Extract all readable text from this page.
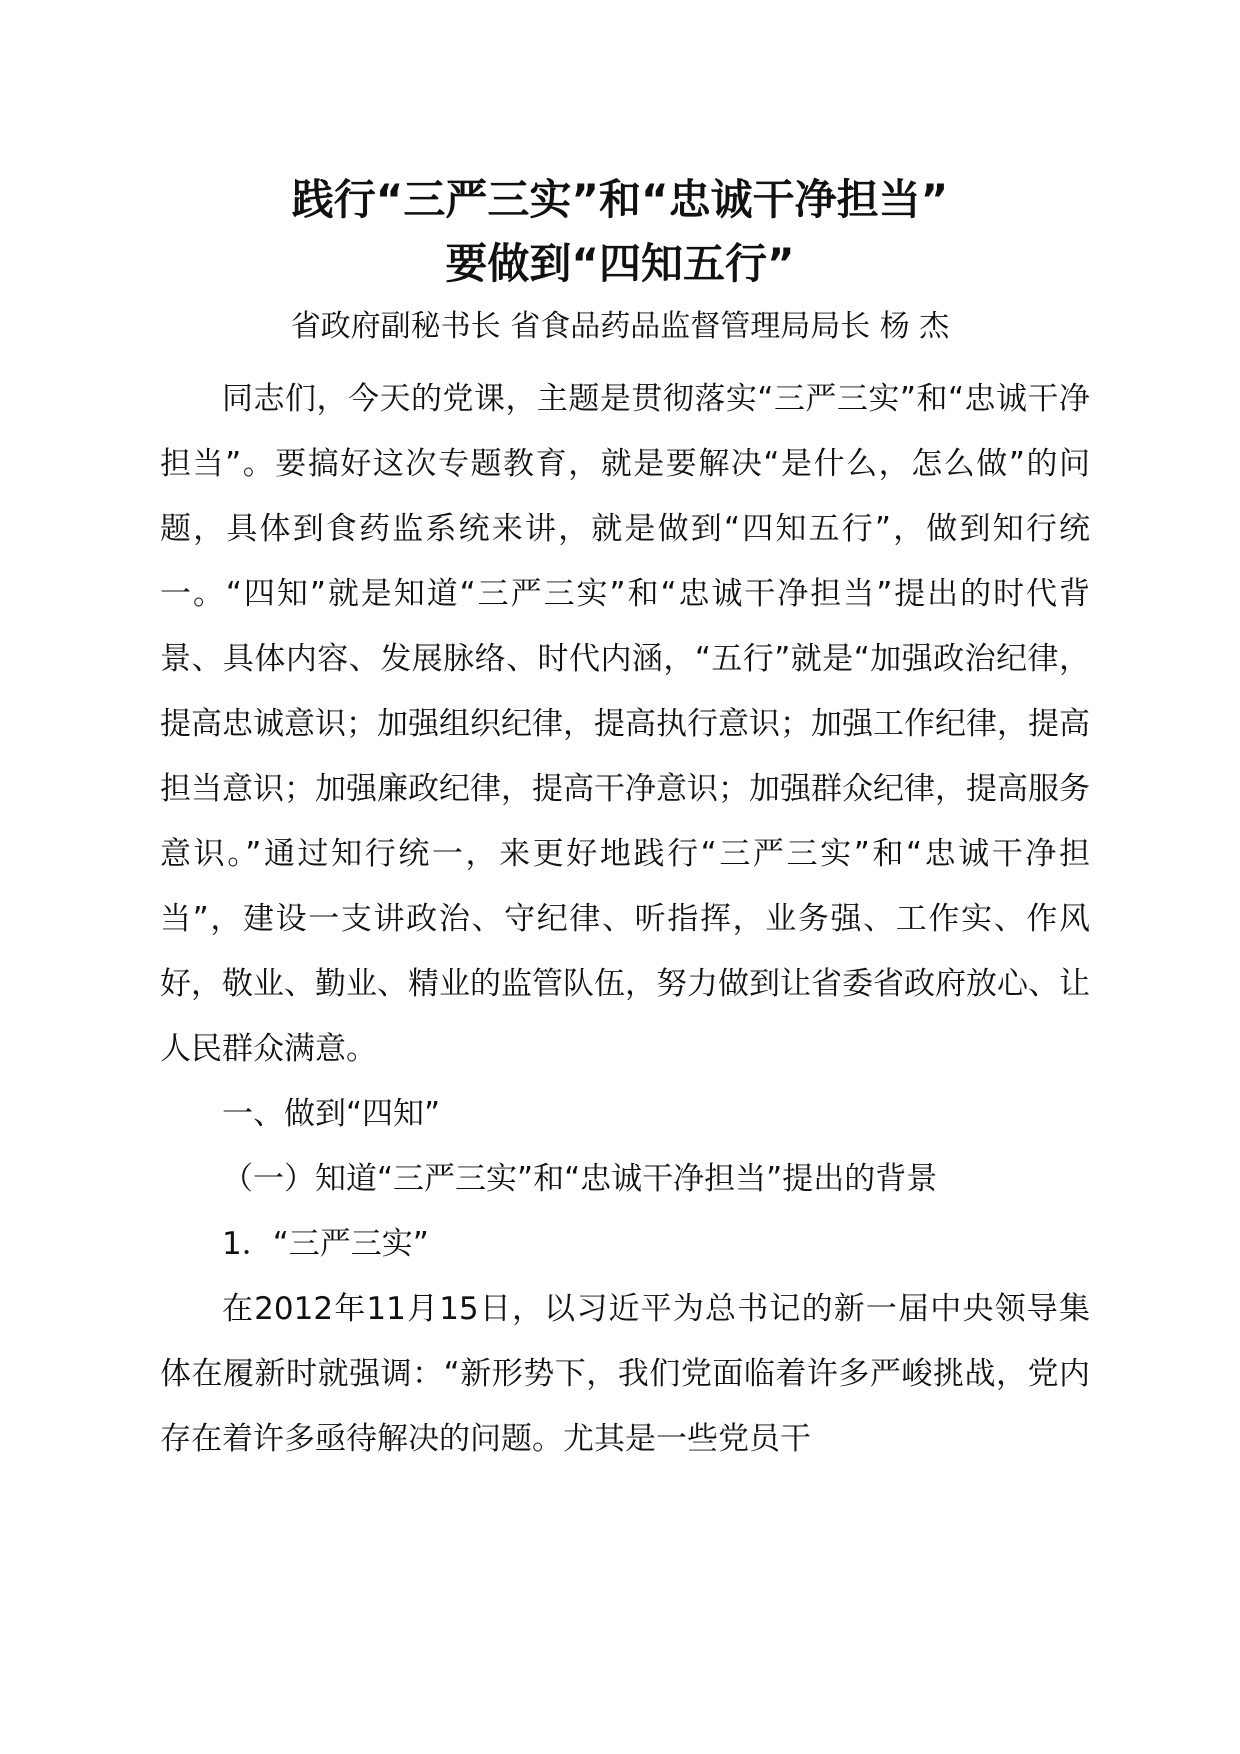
践行“三严三实”和“忠诚干净担当”
要做到“四知五行”
省政府副秘书长 省食品药品监督管理局局长 杨 杰

同志们，今天的党课，主题是贯彻落实“三严三实”和“忠诚干净担当”。要搞好这次专题教育，就是要解决“是什么，怎么做”的问题，具体到食药监系统来讲，就是做到“四知五行”，做到知行统一。“四知”就是知道“三严三实”和“忠诚干净担当”提出的时代背景、具体内容、发展脉络、时代内涵，“五行”就是“加强政治纪律，提高忠诚意识；加强组织纪律，提高执行意识；加强工作纪律，提高担当意识；加强廉政纪律，提高干净意识；加强群众纪律，提高服务意识。”通过知行统一，来更好地践行“三严三实”和“忠诚干净担当”，建设一支讲政治、守纪律、听指挥，业务强、工作实、作风好，敬业、勤业、精业的监管队伍，努力做到让省委省政府放心、让人民群众满意。

一、做到“四知”

（一）知道“三严三实”和“忠诚干净担当”提出的背景

1．“三严三实”

在2012年11月15日，以习近平为总书记的新一届中央领导集体在履新时就强调：“新形势下，我们党面临着许多严峻挑战，党内存在着许多亟待解决的问题。尤其是一些党员干
